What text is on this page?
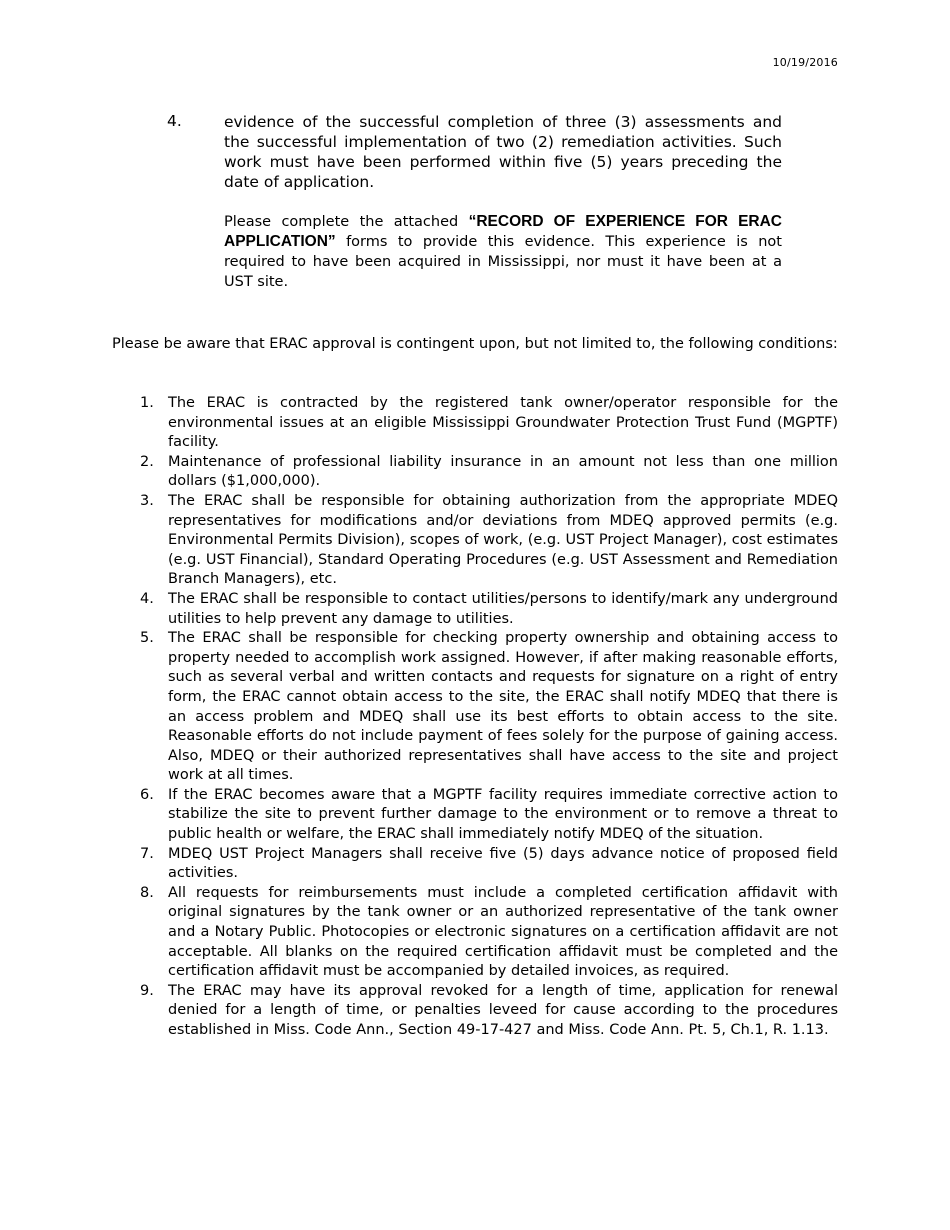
10/19/2016
4.	evidence of the successful completion of three (3) assessments and the successful implementation of two (2) remediation activities. Such work must have been performed within five (5) years preceding the date of application.
Please complete the attached “RECORD OF EXPERIENCE FOR ERAC APPLICATION” forms to provide this evidence. This experience is not required to have been acquired in Mississippi, nor must it have been at a UST site.
Please be aware that ERAC approval is contingent upon, but not limited to, the following conditions:
1. The ERAC is contracted by the registered tank owner/operator responsible for the environmental issues at an eligible Mississippi Groundwater Protection Trust Fund (MGPTF) facility.
2. Maintenance of professional liability insurance in an amount not less than one million dollars ($1,000,000).
3. The ERAC shall be responsible for obtaining authorization from the appropriate MDEQ representatives for modifications and/or deviations from MDEQ approved permits (e.g. Environmental Permits Division), scopes of work, (e.g. UST Project Manager), cost estimates (e.g. UST Financial), Standard Operating Procedures (e.g. UST Assessment and Remediation Branch Managers), etc.
4. The ERAC shall be responsible to contact utilities/persons to identify/mark any underground utilities to help prevent any damage to utilities.
5. The ERAC shall be responsible for checking property ownership and obtaining access to property needed to accomplish work assigned. However, if after making reasonable efforts, such as several verbal and written contacts and requests for signature on a right of entry form, the ERAC cannot obtain access to the site, the ERAC shall notify MDEQ that there is an access problem and MDEQ shall use its best efforts to obtain access to the site. Reasonable efforts do not include payment of fees solely for the purpose of gaining access. Also, MDEQ or their authorized representatives shall have access to the site and project work at all times.
6. If the ERAC becomes aware that a MGPTF facility requires immediate corrective action to stabilize the site to prevent further damage to the environment or to remove a threat to public health or welfare, the ERAC shall immediately notify MDEQ of the situation.
7. MDEQ UST Project Managers shall receive five (5) days advance notice of proposed field activities.
8. All requests for reimbursements must include a completed certification affidavit with original signatures by the tank owner or an authorized representative of the tank owner and a Notary Public. Photocopies or electronic signatures on a certification affidavit are not acceptable. All blanks on the required certification affidavit must be completed and the certification affidavit must be accompanied by detailed invoices, as required.
9. The ERAC may have its approval revoked for a length of time, application for renewal denied for a length of time, or penalties leveed for cause according to the procedures established in Miss. Code Ann., Section 49-17-427 and Miss. Code Ann. Pt. 5, Ch.1, R. 1.13.
